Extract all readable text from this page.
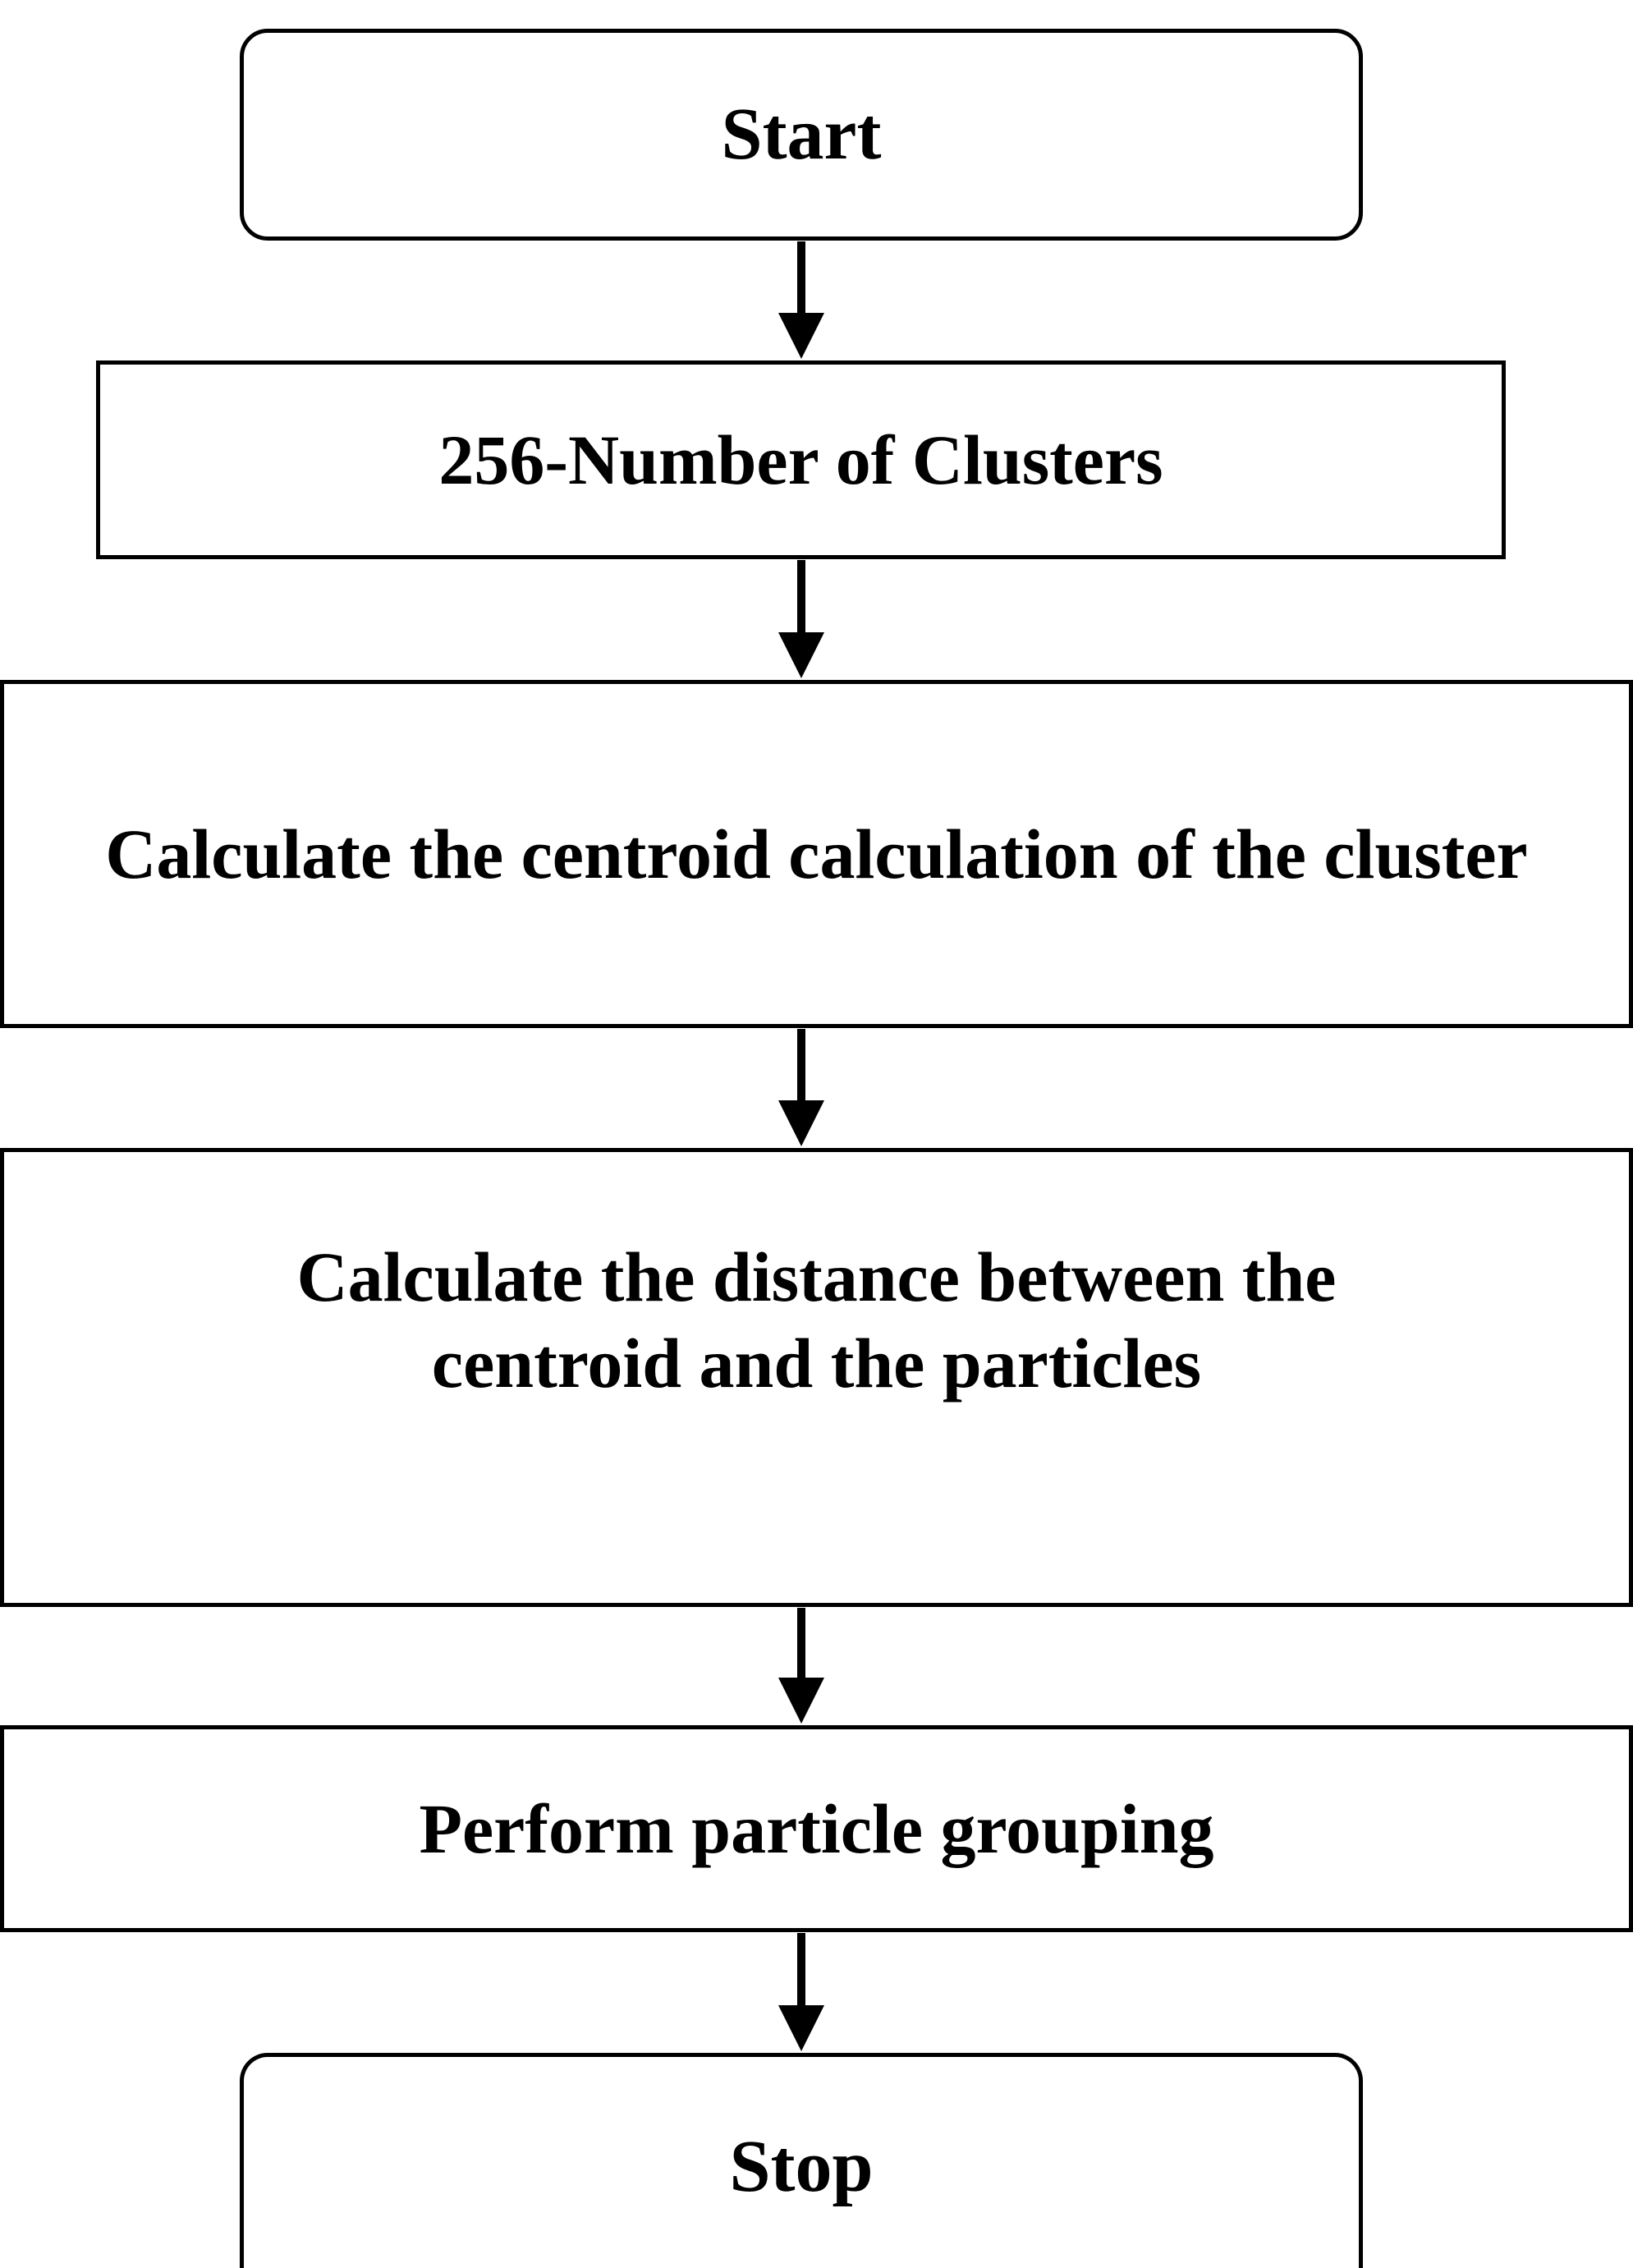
Start
256-Number of Clusters
Calculate the centroid calculation of the cluster
Calculate the distance between the centroid and the particles
Perform particle grouping
Stop
